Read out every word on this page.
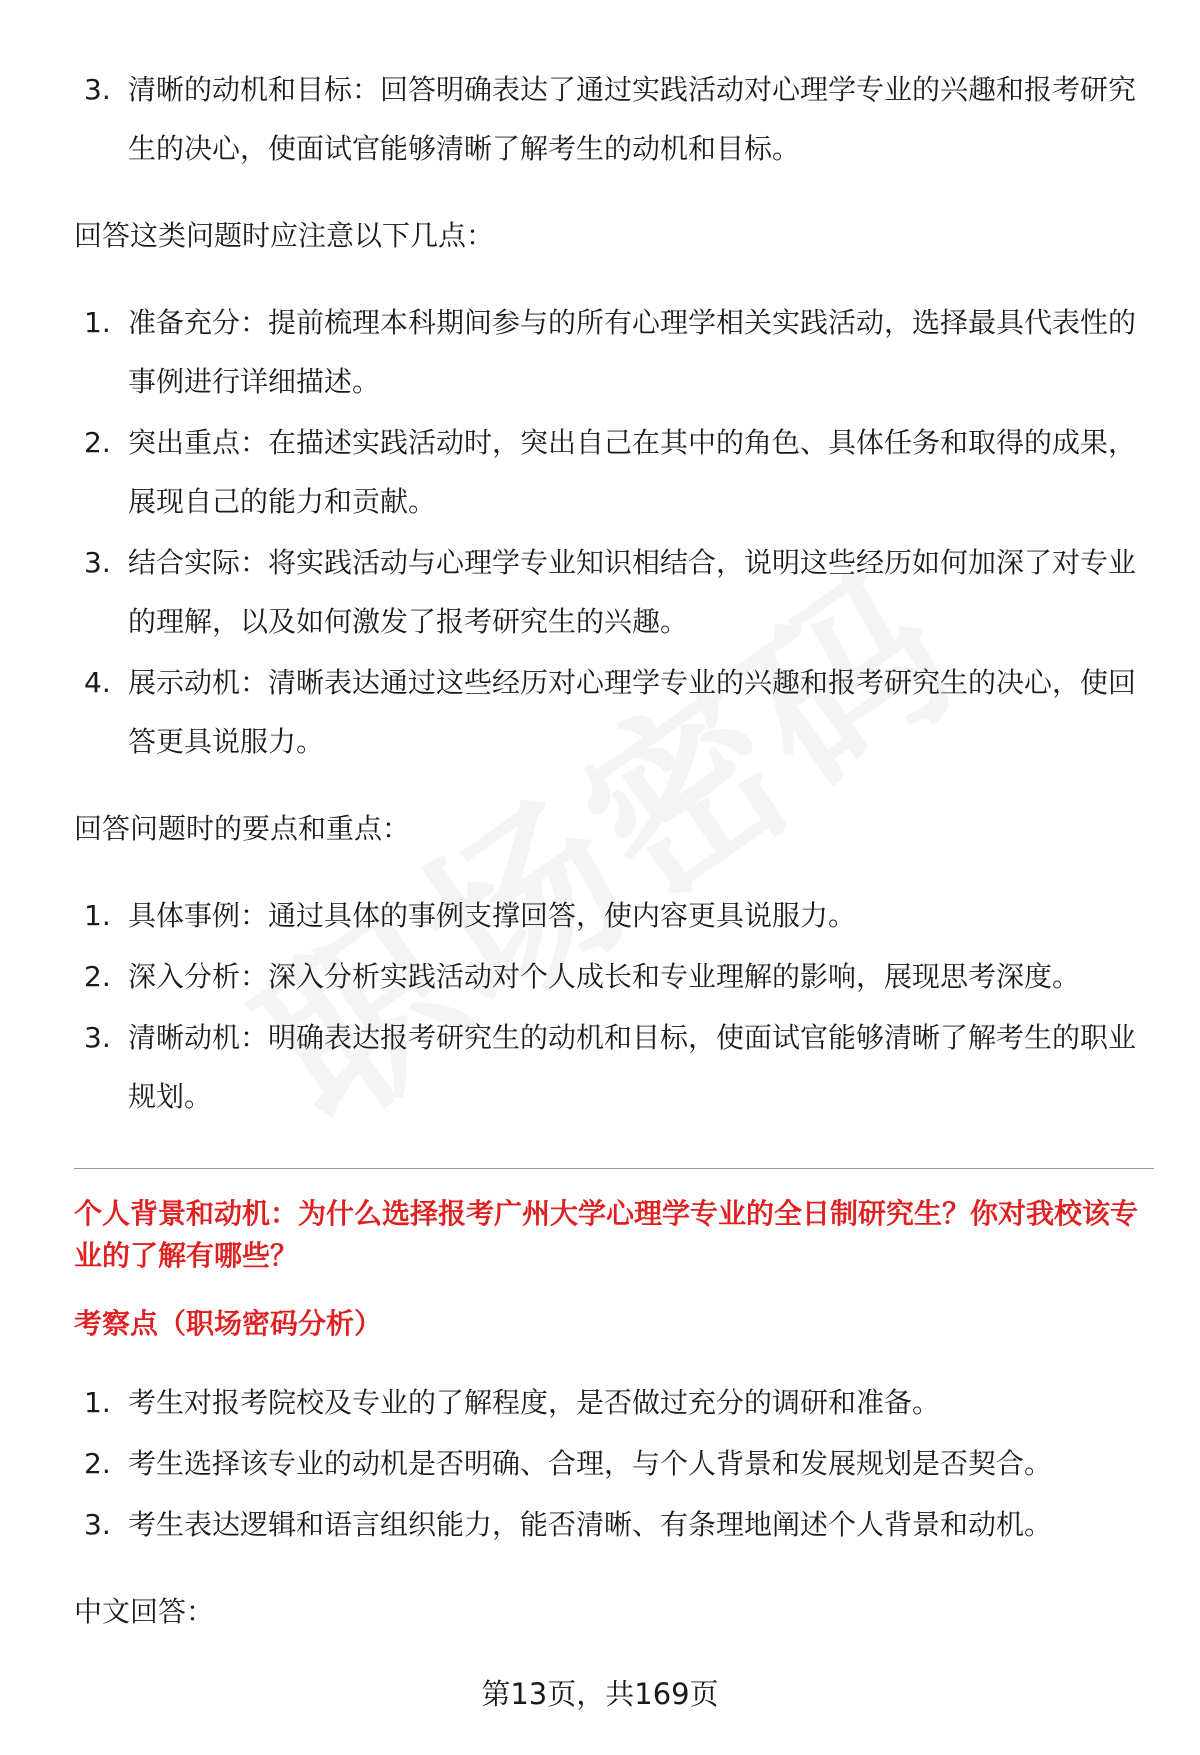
3. 清晰的动机和目标：回答明确表达了通过实践活动对心理学专业的兴趣和报考研究生的决心，使面试官能够清晰了解考生的动机和目标。

回答这类问题时应注意以下几点：

1. 准备充分：提前梳理本科期间参与的所有心理学相关实践活动，选择最具代表性的事例进行详细描述。
2. 突出重点：在描述实践活动时，突出自己在其中的角色、具体任务和取得的成果，展现自己的能力和贡献。
3. 结合实际：将实践活动与心理学专业知识相结合，说明这些经历如何加深了对专业的理解，以及如何激发了报考研究生的兴趣。
4. 展示动机：清晰表达通过这些经历对心理学专业的兴趣和报考研究生的决心，使回答更具说服力。

回答问题时的要点和重点：

1. 具体事例：通过具体的事例支撑回答，使内容更具说服力。
2. 深入分析：深入分析实践活动对个人成长和专业理解的影响，展现思考深度。
3. 清晰动机：明确表达报考研究生的动机和目标，使面试官能够清晰了解考生的职业规划。

个人背景和动机：为什么选择报考广州大学心理学专业的全日制研究生？你对我校该专业的了解有哪些？

考察点（职场密码分析）

1. 考生对报考院校及专业的了解程度，是否做过充分的调研和准备。
2. 考生选择该专业的动机是否明确、合理，与个人背景和发展规划是否契合。
3. 考生表达逻辑和语言组织能力，能否清晰、有条理地阐述个人背景和动机。

中文回答：

第13页，共169页
